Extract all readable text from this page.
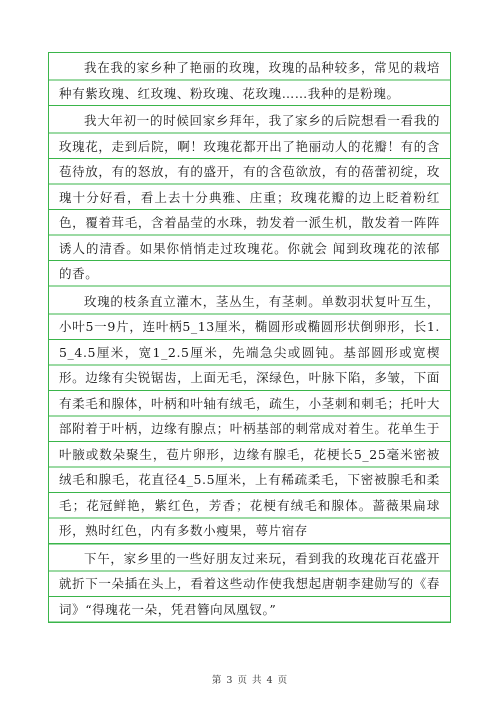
我在我的家乡种了艳丽的玫瑰，玫瑰的品种较多，常见的栽培种有紫玫瑰、红玫瑰、粉玫瑰、花玫瑰……我种的是粉瑰。

我大年初一的时候回家乡拜年，我了家乡的后院想看一看我的玫瑰花，走到后院，啊！玫瑰花都开出了艳丽动人的花瓣！有的含苞待放，有的怒放，有的盛开，有的含苞欲放，有的蓓蕾初绽，玫瑰十分好看，看上去十分典雅、庄重；玫瑰花瓣的边上眨着粉红色，覆着茸毛，含着晶莹的水珠，勃发着一派生机，散发着一阵阵诱人的清香。如果你悄悄走过玫瑰花。你就会 闻到玫瑰花的浓郁的香。

玫瑰的枝条直立灌木，茎丛生，有茎刺。单数羽状复叶互生，小叶5一9片，连叶柄5_13厘米，椭圆形或椭圆形状倒卵形，长1.5_4.5厘米，宽1_2.5厘米，先端急尖或圆钝。基部圆形或宽楔形。边缘有尖锐锯齿，上面无毛，深绿色，叶脉下陷，多皱，下面有柔毛和腺体，叶柄和叶轴有绒毛，疏生，小茎刺和刺毛；托叶大部附着于叶柄，边缘有腺点；叶柄基部的刺常成对着生。花单生于叶腋或数朵聚生，苞片卵形，边缘有腺毛，花梗长5_25毫米密被绒毛和腺毛，花直径4_5.5厘米，上有稀疏柔毛，下密被腺毛和柔毛；花冠鲜艳，紫红色，芳香；花梗有绒毛和腺体。蔷薇果扁球形，熟时红色，内有多数小瘦果，萼片宿存

下午，家乡里的一些好朋友过来玩，看到我的玫瑰花百花盛开就折下一朵插在头上，看着这些动作使我想起唐朝李建勋写的《春词》“得瑰花一朵，凭君簪向凤凰钗。”

第 3 页 共 4 页
